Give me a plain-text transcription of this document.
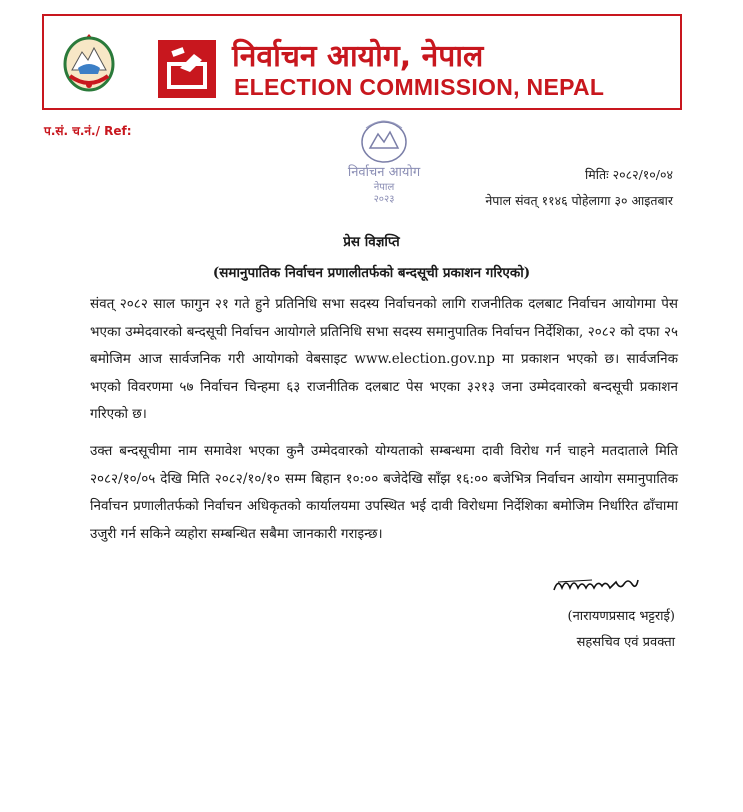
निर्वाचन आयोग, नेपाल
ELECTION COMMISSION, NEPAL
प.सं. च.नं./ Ref:
निर्वाचन आयोग
नेपाल
२०२३
मितिः २०८२/१०/०४
नेपाल संवत् ११४६ पोहेलागा ३० आइतबार
प्रेस विज्ञप्ति
(समानुपातिक निर्वाचन प्रणालीतर्फको बन्दसूची प्रकाशन गरिएको)

संवत् २०८२ साल फागुन २१ गते हुने प्रतिनिधि सभा सदस्य निर्वाचनको लागि राजनीतिक दलबाट निर्वाचन आयोगमा पेस भएका उम्मेदवारको बन्दसूची निर्वाचन आयोगले प्रतिनिधि सभा सदस्य समानुपातिक निर्वाचन निर्देशिका, २०८२ को दफा २५ बमोजिम आज सार्वजनिक गरी आयोगको वेबसाइट www.election.gov.np मा प्रकाशन भएको छ। सार्वजनिक भएको विवरणमा ५७ निर्वाचन चिन्हमा ६३ राजनीतिक दलबाट पेस भएका ३२१३ जना उम्मेदवारको बन्दसूची प्रकाशन गरिएको छ।

उक्त बन्दसूचीमा नाम समावेश भएका कुनै उम्मेदवारको योग्यताको सम्बन्धमा दावी विरोध गर्न चाहने मतदाताले मिति २०८२/१०/०५ देखि मिति २०८२/१०/१० सम्म बिहान १०:०० बजेदेखि साँझ १६:०० बजेभित्र निर्वाचन आयोग समानुपातिक निर्वाचन प्रणालीतर्फको निर्वाचन अधिकृतको कार्यालयमा उपस्थित भई दावी विरोधमा निर्देशिका बमोजिम निर्धारित ढाँचामा उजुरी गर्न सकिने व्यहोरा सम्बन्धित सबैमा जानकारी गराइन्छ।

(नारायणप्रसाद भट्टराई)
सहसचिव एवं प्रवक्ता
